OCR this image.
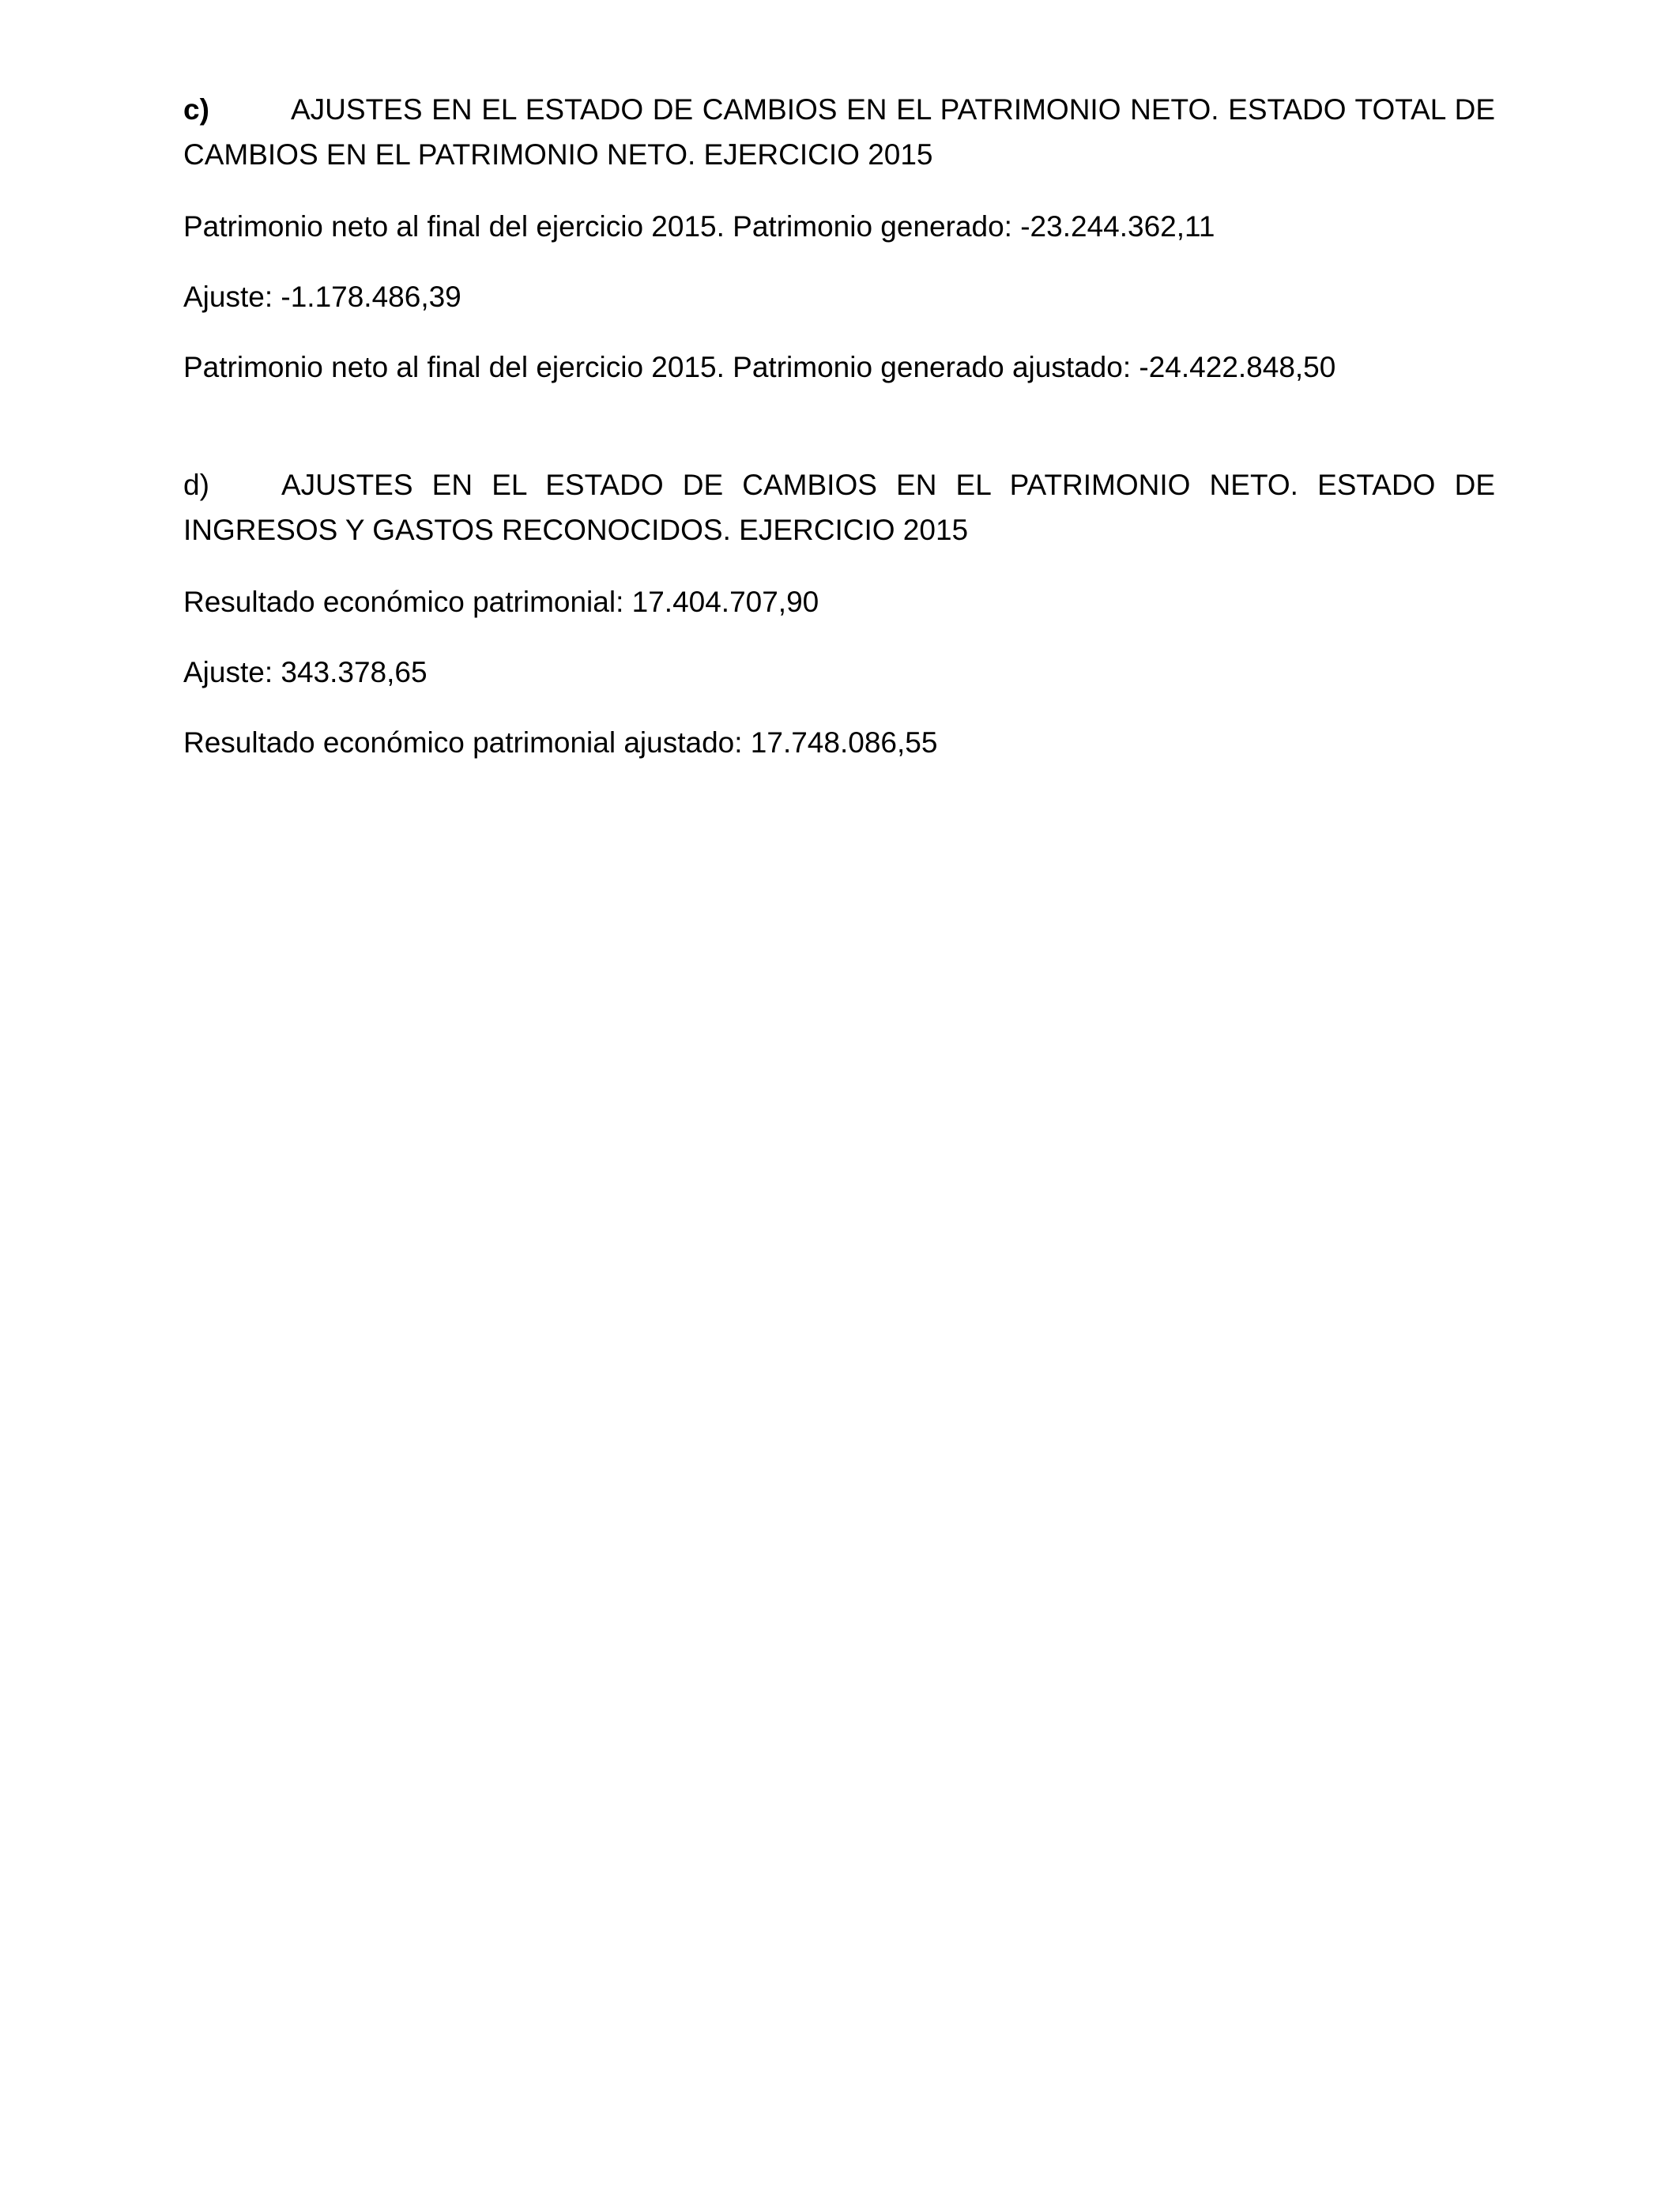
c)	AJUSTES EN EL ESTADO DE CAMBIOS EN EL PATRIMONIO NETO. ESTADO TOTAL DE CAMBIOS EN EL PATRIMONIO NETO. EJERCICIO 2015

Patrimonio neto al final del ejercicio 2015. Patrimonio generado: -23.244.362,11

Ajuste: -1.178.486,39

Patrimonio neto al final del ejercicio 2015. Patrimonio generado ajustado: -24.422.848,50

d) AJUSTES EN EL ESTADO DE CAMBIOS EN EL PATRIMONIO NETO. ESTADO DE INGRESOS Y GASTOS RECONOCIDOS. EJERCICIO 2015

Resultado económico patrimonial: 17.404.707,90

Ajuste: 343.378,65

Resultado económico patrimonial ajustado: 17.748.086,55
